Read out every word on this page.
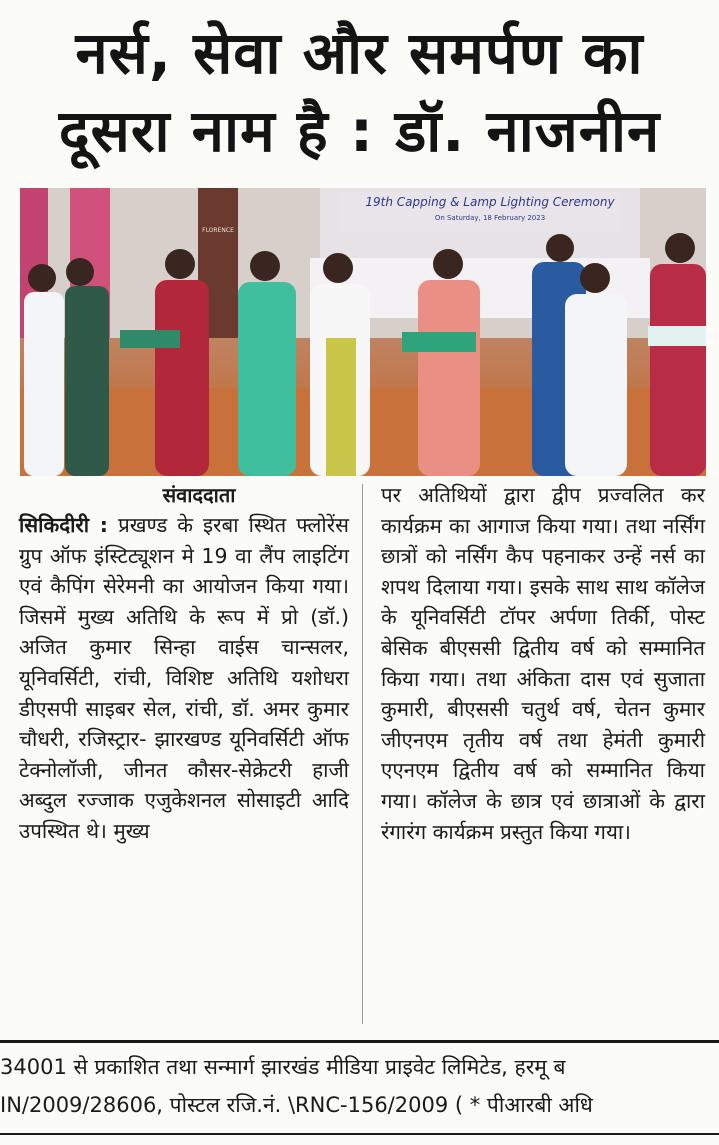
नर्स, सेवा और समर्पण का
दूसरा नाम है : डॉ. नाजनीन
19th Capping & Lamp Lighting Ceremony
On Saturday, 18 February 2023
FLORENCE
संवाददाता

सिकिदीरी : प्रखण्ड के इरबा स्थित फ्लोरेंस ग्रुप ऑफ इंस्टिट्यूशन मे 19 वा लैंप लाइटिंग एवं कैपिंग सेरेमनी का आयोजन किया गया। जिसमें मुख्य अतिथि के रूप में प्रो (डॉ.) अजित कुमार सिन्हा वाईस चान्सलर, यूनिवर्सिटी, रांची, विशिष्ट अतिथि यशोधरा डीएसपी साइबर सेल, रांची, डॉ. अमर कुमार चौधरी, रजिस्ट्रार- झारखण्ड यूनिवर्सिटी ऑफ टेक्नोलॉजी, जीनत कौसर-सेक्रेटरी हाजी अब्दुल रज्जाक एजुकेशनल सोसाइटी आदि उपस्थित थे। मुख्य

पर अतिथियों द्वारा द्वीप प्रज्वलित कर कार्यक्रम का आगाज किया गया। तथा नर्सिंग छात्रों को नर्सिंग कैप पहनाकर उन्हें नर्स का शपथ दिलाया गया। इसके साथ साथ कॉलेज के यूनिवर्सिटी टॉपर अर्पणा तिर्की, पोस्ट बेसिक बीएससी द्वितीय वर्ष को सम्मानित किया गया। तथा अंकिता दास एवं सुजाता कुमारी, बीएससी चतुर्थ वर्ष, चेतन कुमार जीएनएम तृतीय वर्ष तथा हेमंती कुमारी एएनएम द्वितीय वर्ष को सम्मानित किया गया। कॉलेज के छात्र एवं छात्राओं के द्वारा रंगारंग कार्यक्रम प्रस्तुत किया गया।

34001 से प्रकाशित तथा सन्मार्ग झारखंड मीडिया प्राइवेट लिमिटेड, हरमू ब
IN/2009/28606, पोस्टल रजि.नं. \RNC-156/2009 ( * पीआरबी अधि
